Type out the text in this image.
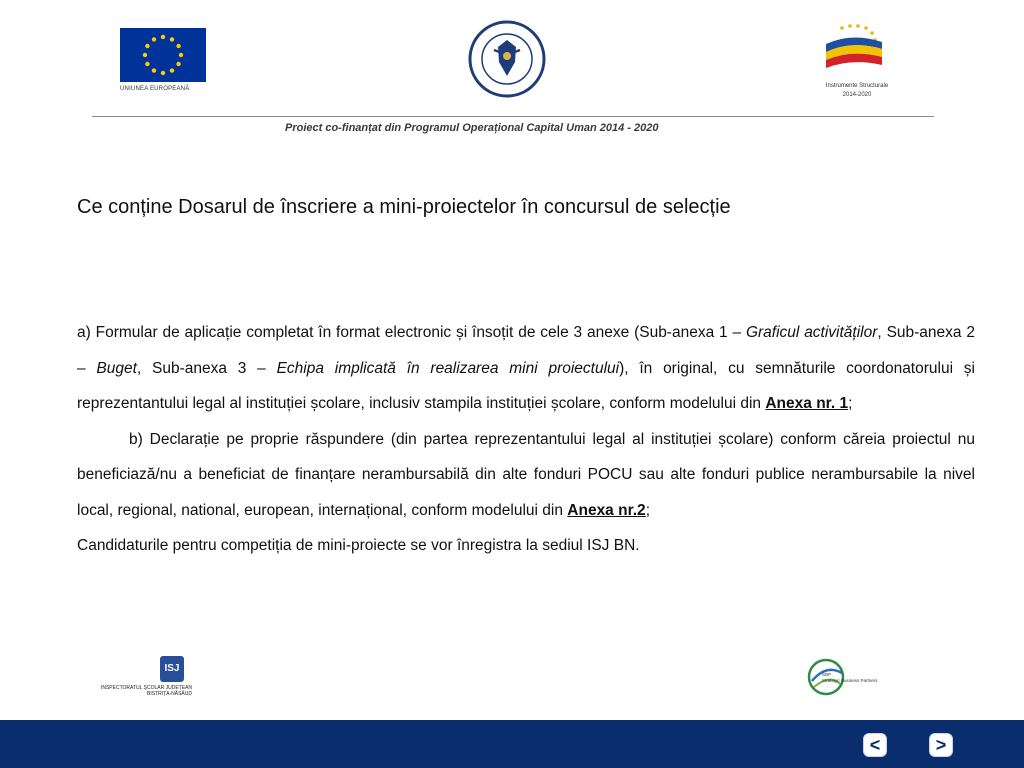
UNIUNEA EUROPEANĂ	Instrumente Structurale
2014-2020
Proiect co-finanțat din Programul Operațional Capital Uman 2014 - 2020
Ce conține Dosarul de înscriere a mini-proiectelor în concursul de selecție

a) Formular de aplicație completat în format electronic și însoțit de cele 3 anexe (Sub-anexa 1 – Graficul activităților, Sub-anexa 2 – Buget, Sub-anexa 3 – Echipa implicată în realizarea mini proiectului), în original, cu semnăturile coordonatorului și reprezentantului legal al instituției școlare, inclusiv stampila instituției școlare, conform modelului din Anexa nr. 1;

b) Declarație pe proprie răspundere (din partea reprezentantului legal al instituției școlare) conform căreia proiectul nu beneficiază/nu a beneficiat de finanțare nerambursabilă din alte fonduri POCU sau alte fonduri publice nerambursabile la nivel local, regional, national, european, internațional, conform modelului din Anexa nr.2;

Candidaturile pentru competiția de mini-proiecte se vor înregistra la sediul ISJ BN.

ISJ
INSPECTORATUL ȘCOLAR JUDEȚEAN
BISTRIȚA-NĂSĂUD
SBP
Strategic Business Partners
<	>
